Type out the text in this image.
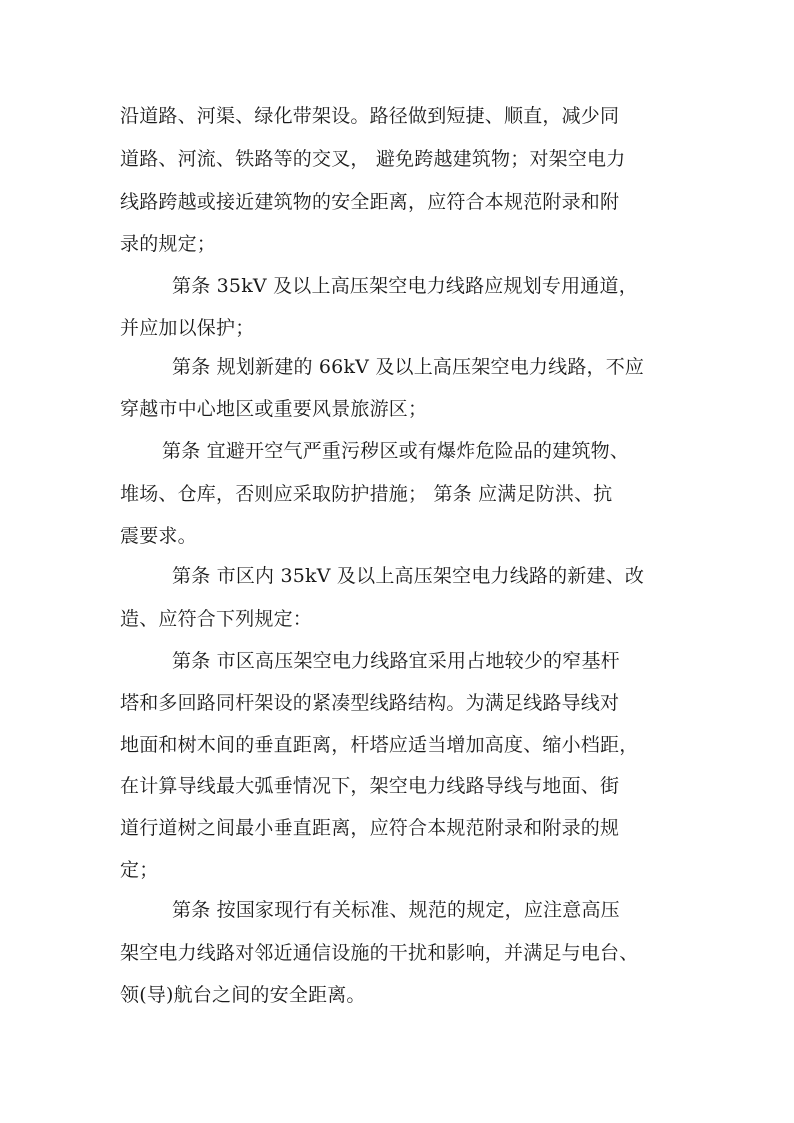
沿道路、河渠、绿化带架设。路径做到短捷、顺直，减少同
道路、河流、铁路等的交叉， 避免跨越建筑物；对架空电力
线路跨越或接近建筑物的安全距离，应符合本规范附录和附
录的规定；
第条 35kV 及以上高压架空电力线路应规划专用通道，
并应加以保护；
第条 规划新建的 66kV 及以上高压架空电力线路，不应
穿越市中心地区或重要风景旅游区；
第条 宜避开空气严重污秽区或有爆炸危险品的建筑物、
堆场、仓库，否则应采取防护措施； 第条 应满足防洪、抗
震要求。
第条 市区内 35kV 及以上高压架空电力线路的新建、改
造、应符合下列规定：
第条 市区高压架空电力线路宜采用占地较少的窄基杆
塔和多回路同杆架设的紧凑型线路结构。为满足线路导线对
地面和树木间的垂直距离，杆塔应适当增加高度、缩小档距，
在计算导线最大弧垂情况下，架空电力线路导线与地面、街
道行道树之间最小垂直距离，应符合本规范附录和附录的规
定；
第条 按国家现行有关标准、规范的规定，应注意高压
架空电力线路对邻近通信设施的干扰和影响，并满足与电台、
领(导)航台之间的安全距离。
